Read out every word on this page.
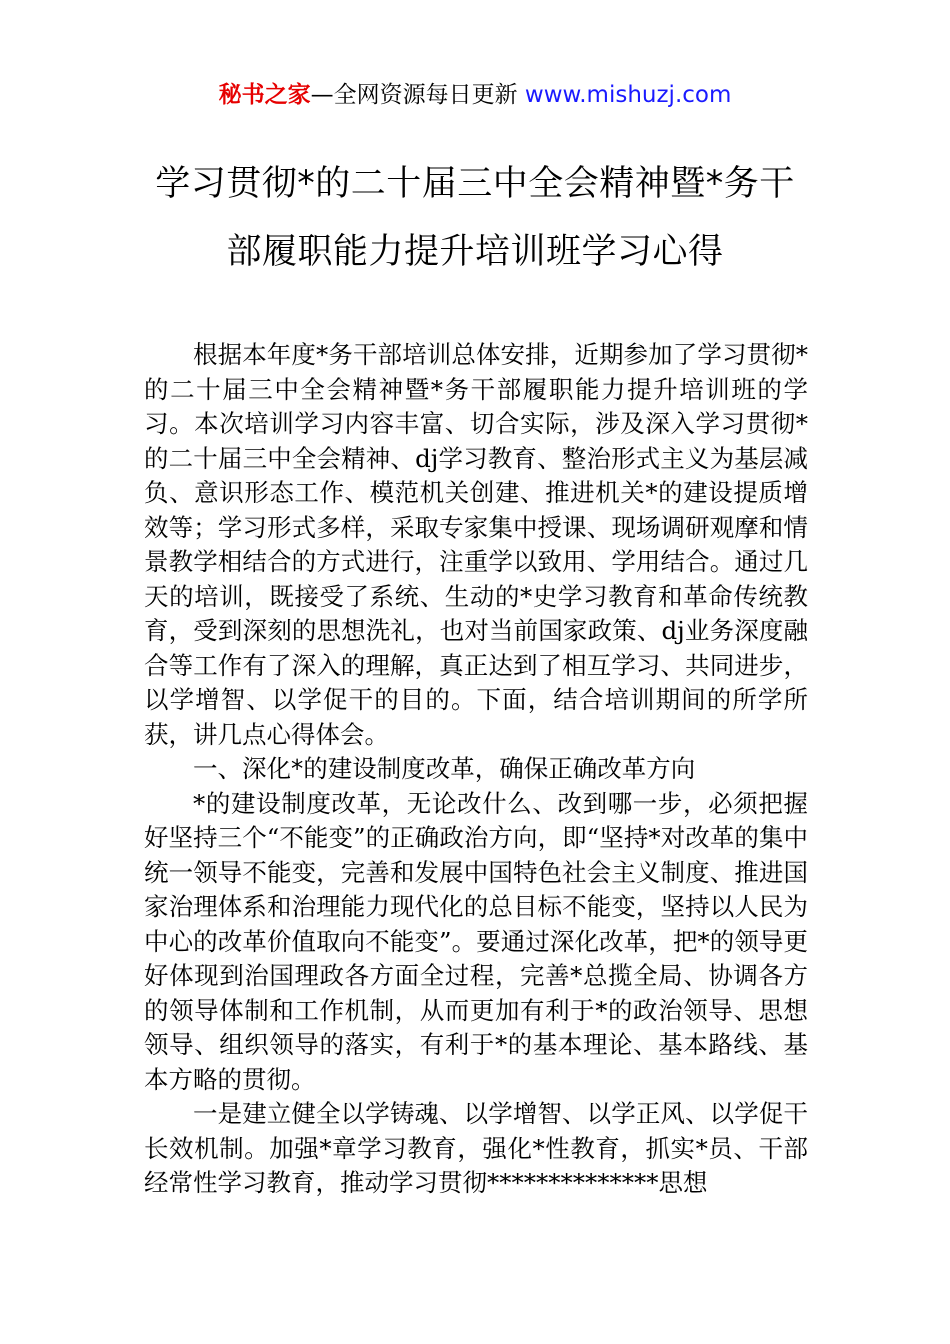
秘书之家—全网资源每日更新 www.mishuzj.com
学习贯彻*的二十届三中全会精神暨*务干
部履职能力提升培训班学习心得

根据本年度*务干部培训总体安排，近期参加了学习贯彻*的二十届三中全会精神暨*务干部履职能力提升培训班的学习。本次培训学习内容丰富、切合实际，涉及深入学习贯彻*的二十届三中全会精神、dj学习教育、整治形式主义为基层减负、意识形态工作、模范机关创建、推进机关*的建设提质增效等；学习形式多样，采取专家集中授课、现场调研观摩和情景教学相结合的方式进行，注重学以致用、学用结合。通过几天的培训，既接受了系统、生动的*史学习教育和革命传统教育，受到深刻的思想洗礼，也对当前国家政策、dj业务深度融合等工作有了深入的理解，真正达到了相互学习、共同进步，以学增智、以学促干的目的。下面，结合培训期间的所学所获，讲几点心得体会。

一、深化*的建设制度改革，确保正确改革方向

*的建设制度改革，无论改什么、改到哪一步，必须把握好坚持三个“不能变”的正确政治方向，即“坚持*对改革的集中统一领导不能变，完善和发展中国特色社会主义制度、推进国家治理体系和治理能力现代化的总目标不能变，坚持以人民为中心的改革价值取向不能变”。要通过深化改革，把*的领导更好体现到治国理政各方面全过程，完善*总揽全局、协调各方的领导体制和工作机制，从而更加有利于*的政治领导、思想领导、组织领导的落实，有利于*的基本理论、基本路线、基本方略的贯彻。

一是建立健全以学铸魂、以学增智、以学正风、以学促干长效机制。加强*章学习教育，强化*性教育，抓实*员、干部经常性学习教育，推动学习贯彻**************思想
